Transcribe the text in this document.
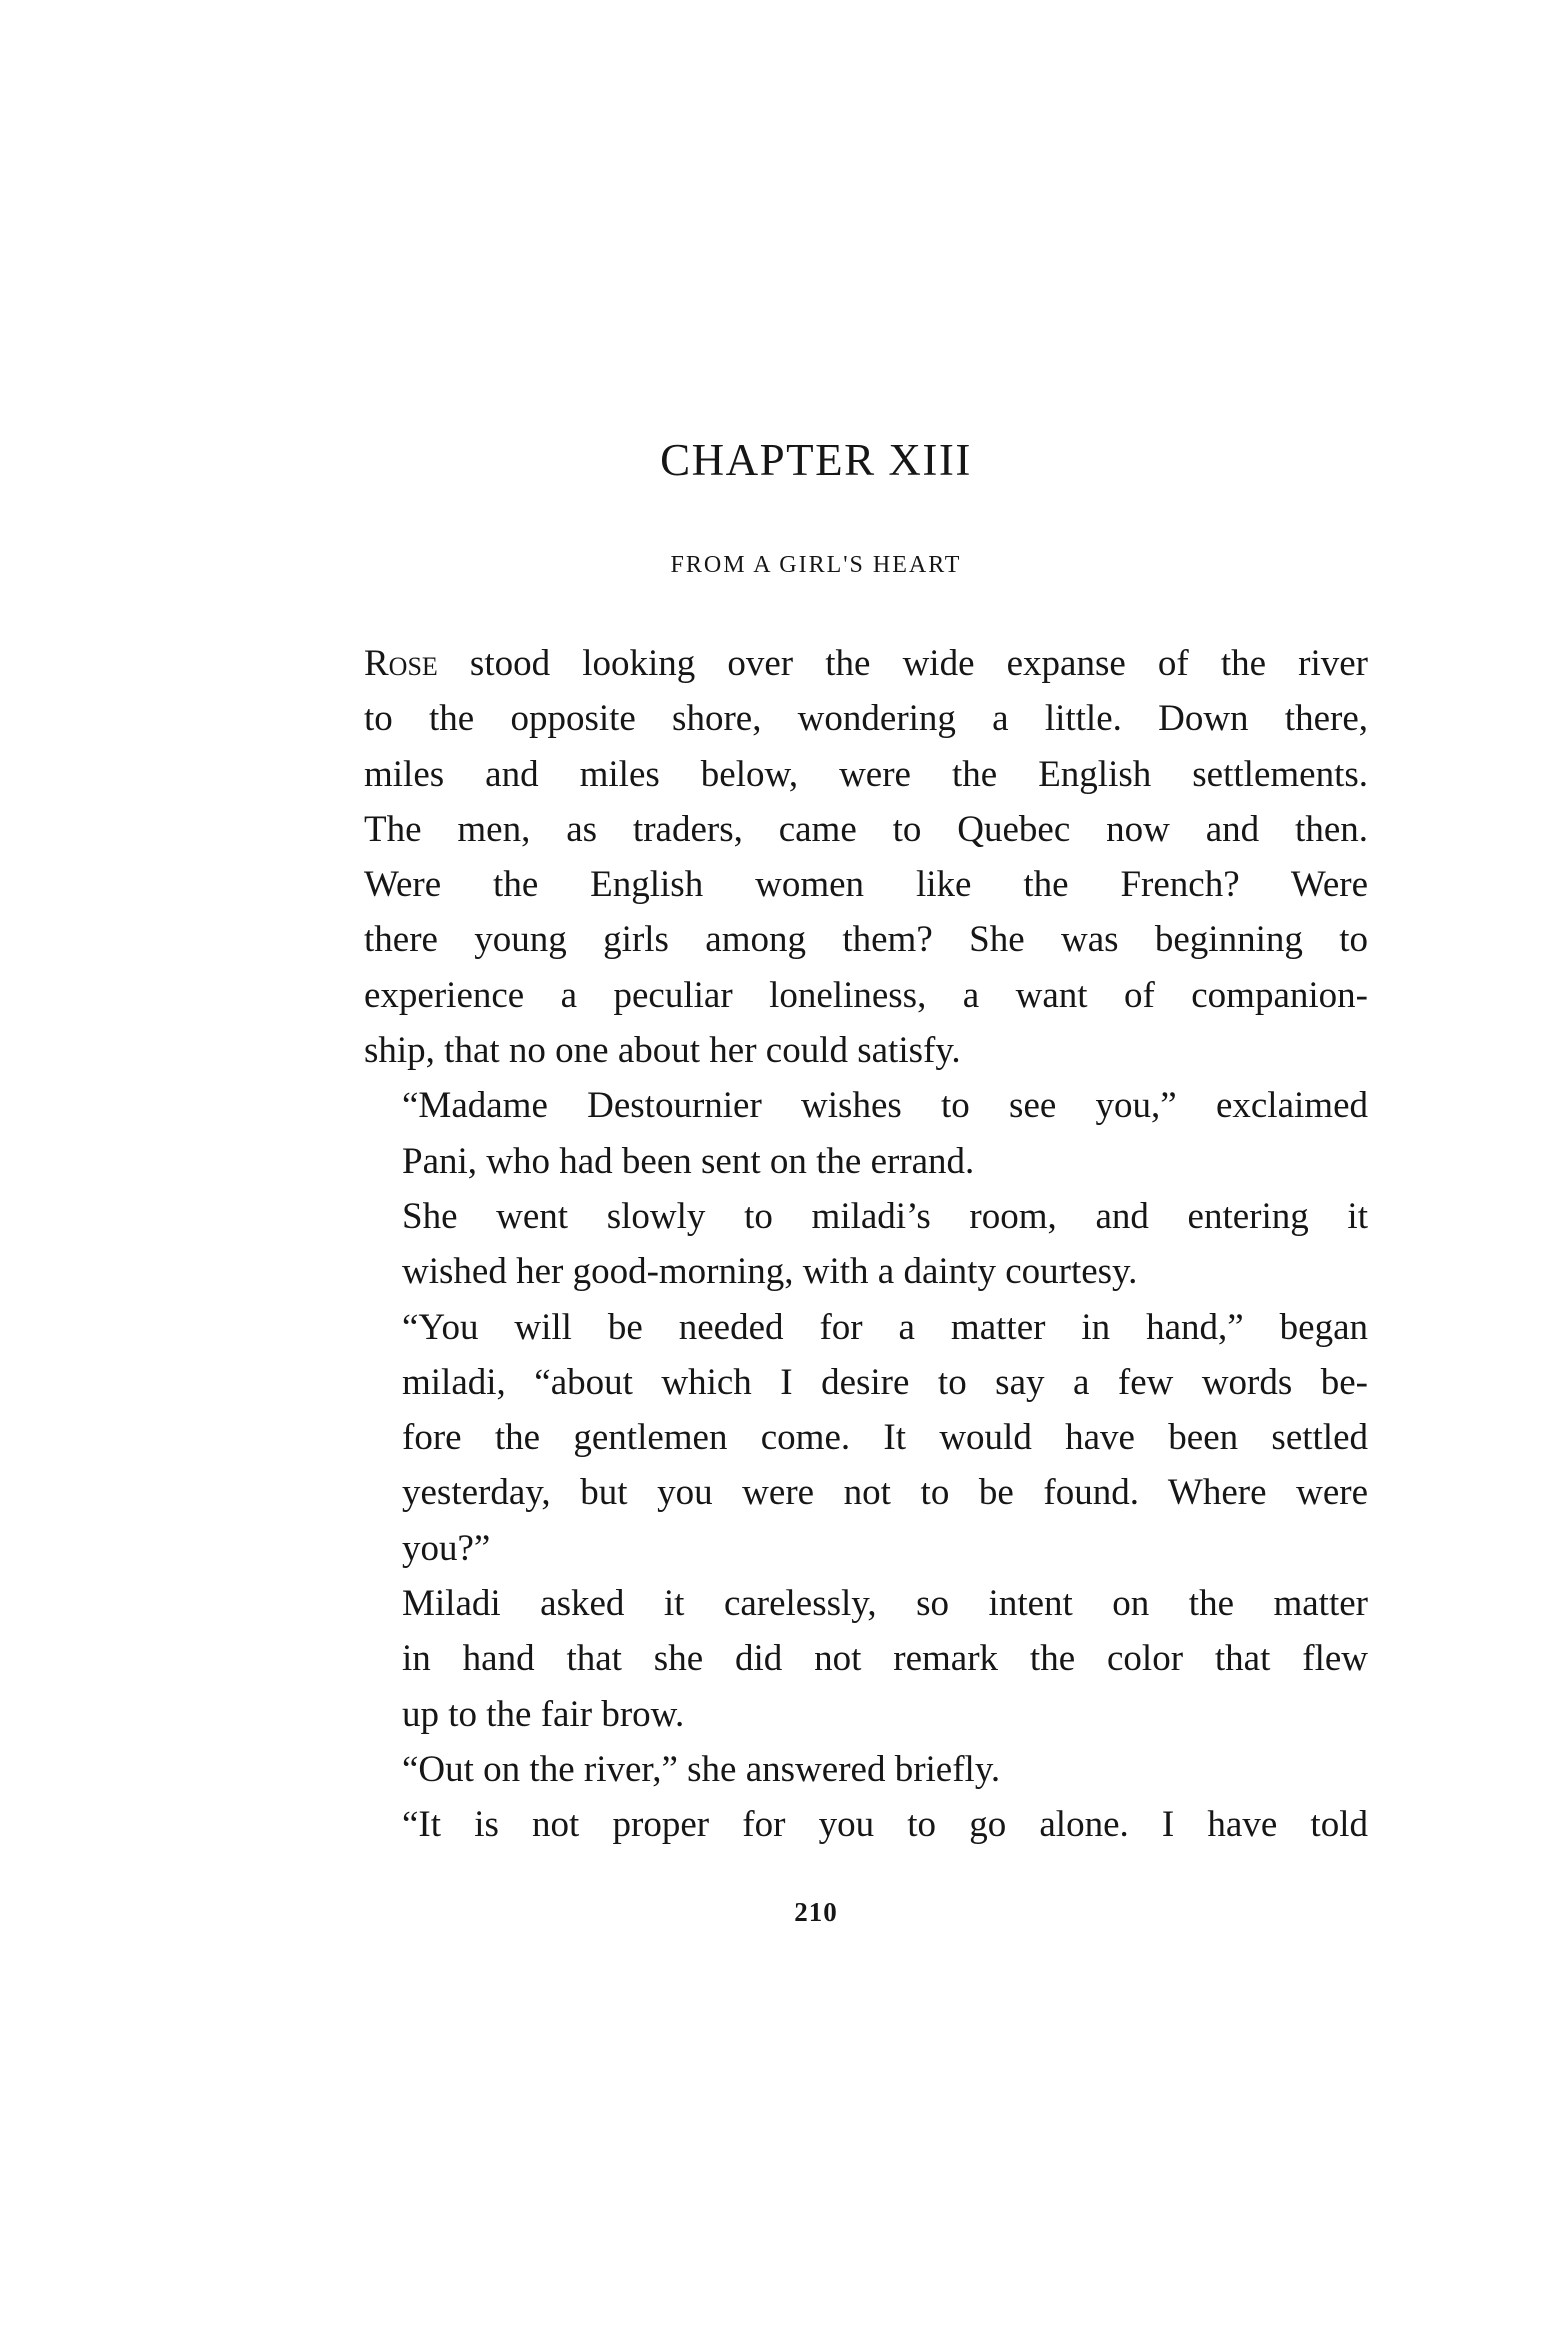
CHAPTER XIII
FROM A GIRL'S HEART

Rose stood looking over the wide expanse of the river
to the opposite shore, wondering a little. Down there,
miles and miles below, were the English settlements.
The men, as traders, came to Quebec now and then.
Were the English women like the French? Were
there young girls among them? She was beginning to
experience a peculiar loneliness, a want of companion-
ship, that no one about her could satisfy.

“Madame Destournier wishes to see you,” exclaimed
Pani, who had been sent on the errand.

She went slowly to miladi’s room, and entering it
wished her good-morning, with a dainty courtesy.

“You will be needed for a matter in hand,” began
miladi, “about which I desire to say a few words be-
fore the gentlemen come. It would have been settled
yesterday, but you were not to be found. Where were
you?”

Miladi asked it carelessly, so intent on the matter
in hand that she did not remark the color that flew
up to the fair brow.

“Out on the river,” she answered briefly.

“It is not proper for you to go alone. I have told

210
